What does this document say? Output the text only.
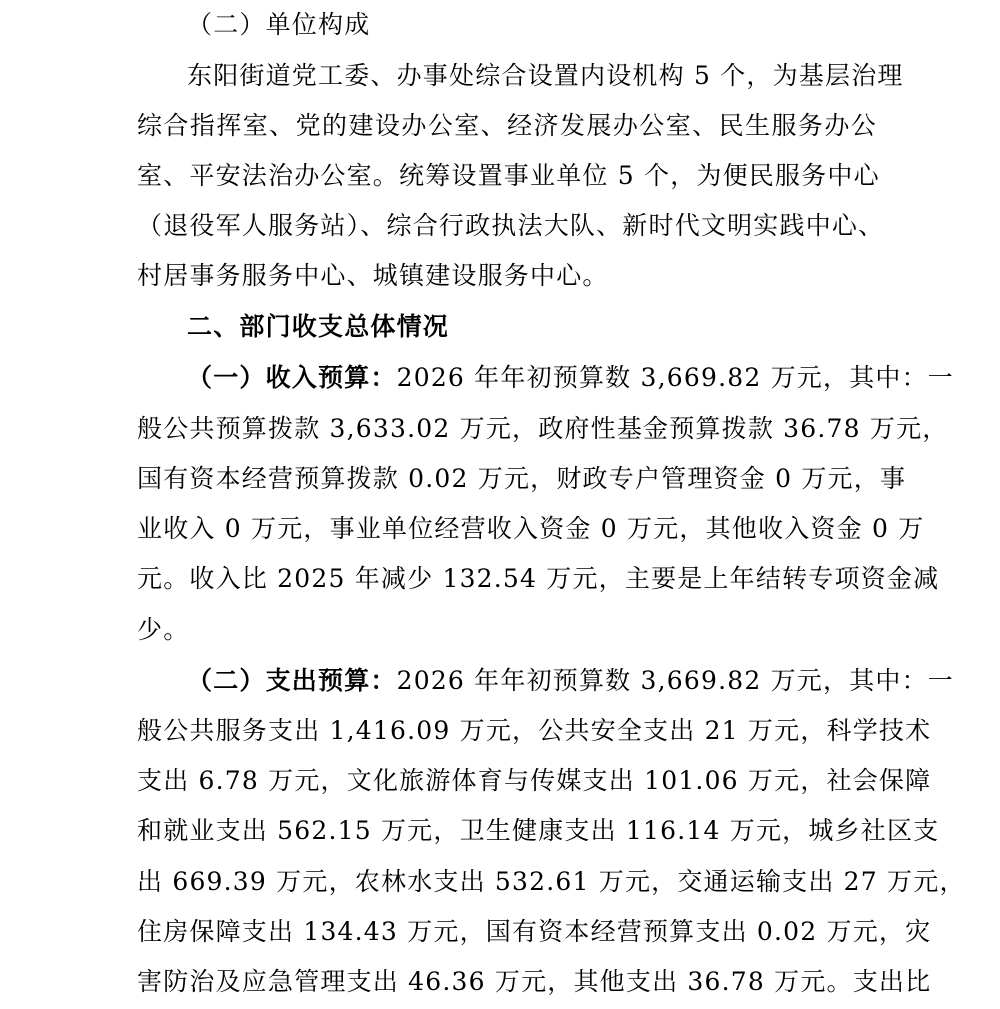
（二）单位构成
东阳街道党工委、办事处综合设置内设机构 5 个，为基层治理
综合指挥室、党的建设办公室、经济发展办公室、民生服务办公
室、平安法治办公室。统筹设置事业单位 5 个，为便民服务中心
（退役军人服务站）、综合行政执法大队、新时代文明实践中心、
村居事务服务中心、城镇建设服务中心。
二、部门收支总体情况
（一）收入预算：2026 年年初预算数 3,669.82 万元，其中：一
般公共预算拨款 3,633.02 万元，政府性基金预算拨款 36.78 万元，
国有资本经营预算拨款 0.02 万元，财政专户管理资金 0 万元，事
业收入 0 万元，事业单位经营收入资金 0 万元，其他收入资金 0 万
元。收入比 2025 年减少 132.54 万元，主要是上年结转专项资金减
少。
（二）支出预算：2026 年年初预算数 3,669.82 万元，其中：一
般公共服务支出 1,416.09 万元，公共安全支出 21 万元，科学技术
支出 6.78 万元，文化旅游体育与传媒支出 101.06 万元，社会保障
和就业支出 562.15 万元，卫生健康支出 116.14 万元，城乡社区支
出 669.39 万元，农林水支出 532.61 万元，交通运输支出 27 万元，
住房保障支出 134.43 万元，国有资本经营预算支出 0.02 万元，灾
害防治及应急管理支出 46.36 万元，其他支出 36.78 万元。支出比
